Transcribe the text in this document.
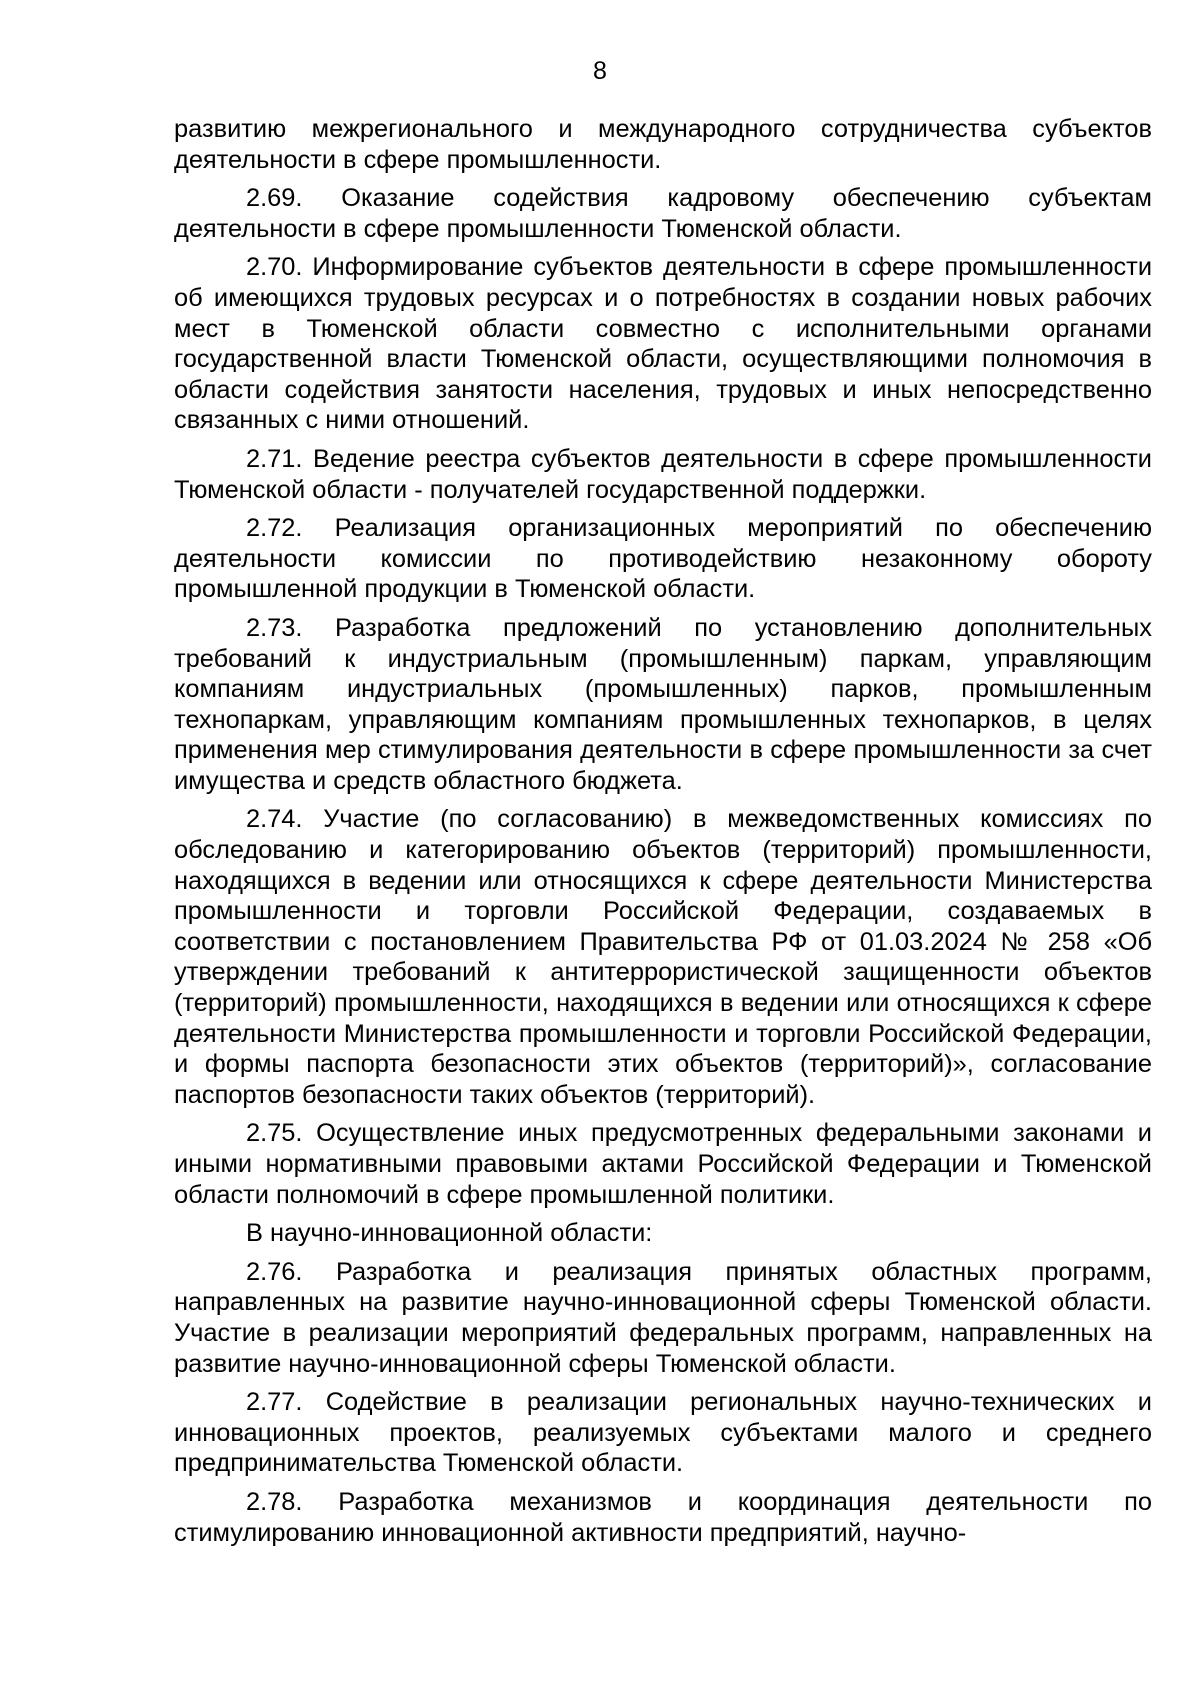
8

развитию межрегионального и международного сотрудничества субъектов деятельности в сфере промышленности.

2.69. Оказание содействия кадровому обеспечению субъектам деятельности в сфере промышленности Тюменской области.

2.70. Информирование субъектов деятельности в сфере промышленности об имеющихся трудовых ресурсах и о потребностях в создании новых рабочих мест в Тюменской области совместно с исполнительными органами государственной власти Тюменской области, осуществляющими полномочия в области содействия занятости населения, трудовых и иных непосредственно связанных с ними отношений.

2.71. Ведение реестра субъектов деятельности в сфере промышленности Тюменской области - получателей государственной поддержки.

2.72. Реализация организационных мероприятий по обеспечению деятельности комиссии по противодействию незаконному обороту промышленной продукции в Тюменской области.

2.73. Разработка предложений по установлению дополнительных требований к индустриальным (промышленным) паркам, управляющим компаниям индустриальных (промышленных) парков, промышленным технопаркам, управляющим компаниям промышленных технопарков, в целях применения мер стимулирования деятельности в сфере промышленности за счет имущества и средств областного бюджета.

2.74. Участие (по согласованию) в межведомственных комиссиях по обследованию и категорированию объектов (территорий) промышленности, находящихся в ведении или относящихся к сфере деятельности Министерства промышленности и торговли Российской Федерации, создаваемых в соответствии с постановлением Правительства РФ от 01.03.2024 № 258 «Об утверждении требований к антитеррористической защищенности объектов (территорий) промышленности, находящихся в ведении или относящихся к сфере деятельности Министерства промышленности и торговли Российской Федерации, и формы паспорта безопасности этих объектов (территорий)», согласование паспортов безопасности таких объектов (территорий).

2.75. Осуществление иных предусмотренных федеральными законами и иными нормативными правовыми актами Российской Федерации и Тюменской области полномочий в сфере промышленной политики.

В научно-инновационной области:

2.76. Разработка и реализация принятых областных программ, направленных на развитие научно-инновационной сферы Тюменской области. Участие в реализации мероприятий федеральных программ, направленных на развитие научно-инновационной сферы Тюменской области.

2.77. Содействие в реализации региональных научно-технических и инновационных проектов, реализуемых субъектами малого и среднего предпринимательства Тюменской области.

2.78. Разработка механизмов и координация деятельности по стимулированию инновационной активности предприятий, научно-
